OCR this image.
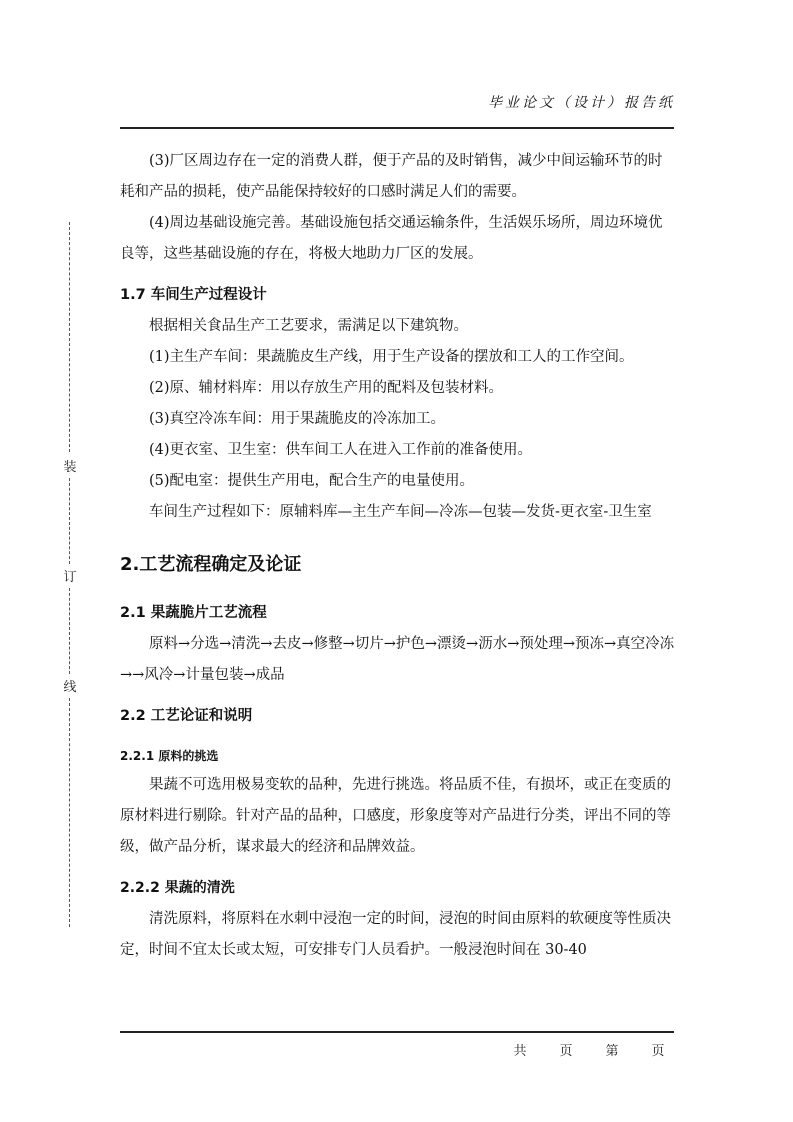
毕业论文（设计）报告纸
装
订
线

(3)厂区周边存在一定的消费人群，便于产品的及时销售，减少中间运输环节的时耗和产品的损耗，使产品能保持较好的口感时满足人们的需要。

(4)周边基础设施完善。基础设施包括交通运输条件，生活娱乐场所，周边环境优良等，这些基础设施的存在，将极大地助力厂区的发展。

1.7 车间生产过程设计

根据相关食品生产工艺要求，需满足以下建筑物。

(1)主生产车间：果蔬脆皮生产线，用于生产设备的摆放和工人的工作空间。

(2)原、辅材料库：用以存放生产用的配料及包装材料。

(3)真空冷冻车间：用于果蔬脆皮的冷冻加工。

(4)更衣室、卫生室：供车间工人在进入工作前的准备使用。

(5)配电室：提供生产用电，配合生产的电量使用。

车间生产过程如下：原辅料库—主生产车间—冷冻—包装—发货-更衣室-卫生室

2.工艺流程确定及论证
2.1 果蔬脆片工艺流程

原料→分选→清洗→去皮→修整→切片→护色→漂烫→沥水→预处理→预冻→真空冷冻→→风冷→计量包装→成品

2.2 工艺论证和说明
2.2.1 原料的挑选

果蔬不可选用极易变软的品种，先进行挑选。将品质不佳，有损坏，或正在变质的原材料进行剔除。针对产品的品种，口感度，形象度等对产品进行分类，评出不同的等级，做产品分析，谋求最大的经济和品牌效益。

2.2.2 果蔬的清洗

清洗原料，将原料在水刺中浸泡一定的时间，浸泡的时间由原料的软硬度等性质决定，时间不宜太长或太短，可安排专门人员看护。一般浸泡时间在 30-40

共	页	第	页
